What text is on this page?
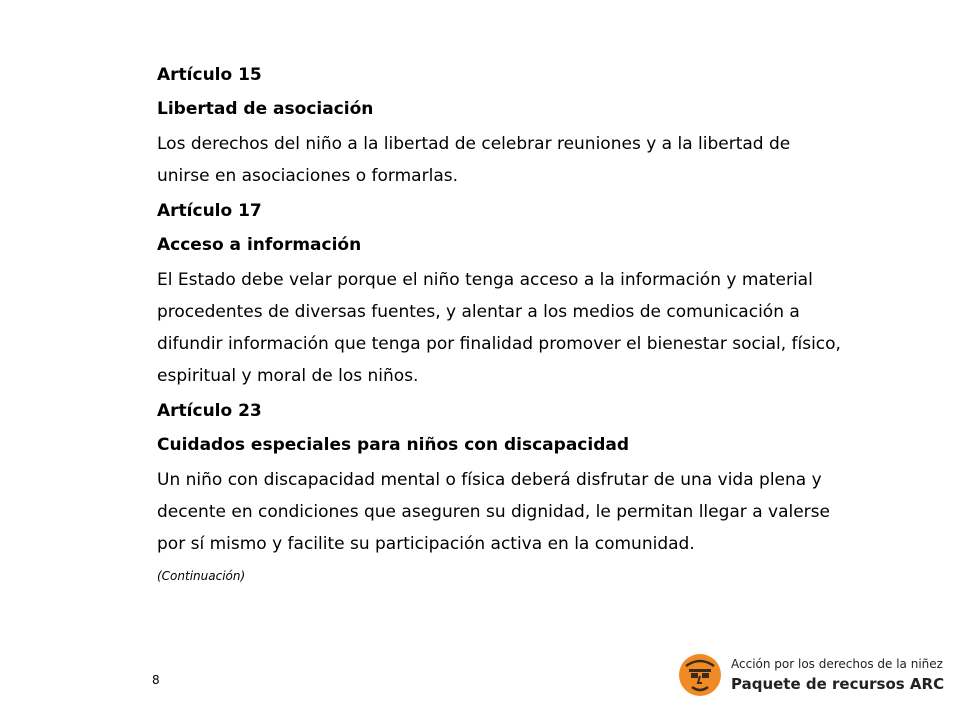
Artículo 15

Libertad de asociación

Los derechos del niño a la libertad de celebrar reuniones y a la libertad de
unirse en asociaciones o formarlas.

Artículo 17

Acceso a información

El Estado debe velar porque el niño tenga acceso a la información y material
procedentes de diversas fuentes, y alentar a los medios de comunicación a
difundir información que tenga por finalidad promover el bienestar social, físico,
espiritual y moral de los niños.

Artículo 23

Cuidados especiales para niños con discapacidad

Un niño con discapacidad mental o física deberá disfrutar de una vida plena y
decente en condiciones que aseguren su dignidad, le permitan llegar a valerse
por sí mismo y facilite su participación activa en la comunidad.

(Continuación)

8
Acción por los derechos de la niñez
Paquete de recursos ARC
